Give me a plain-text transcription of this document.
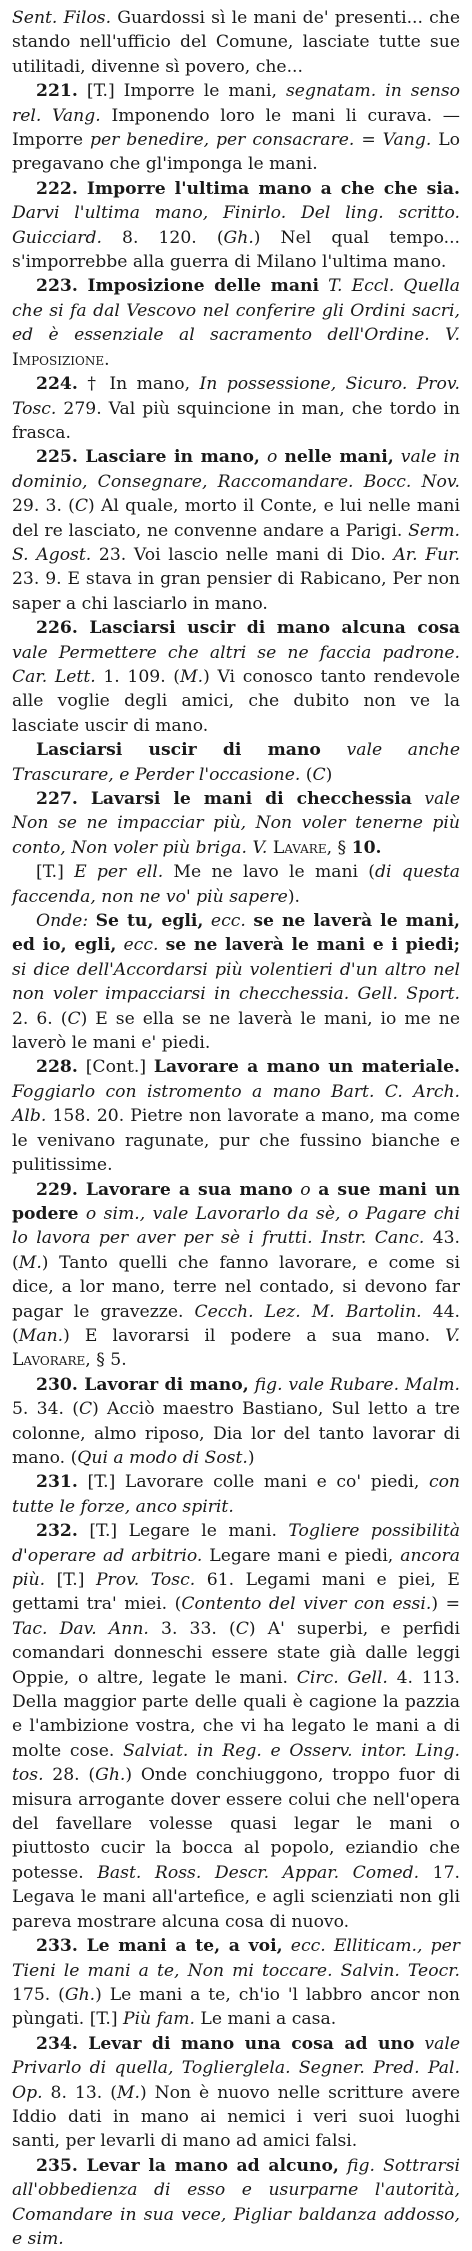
Sent. Filos. Guardossi sì le mani de' presenti... che stando nell'ufficio del Comune, lasciate tutte sue utilitadi, divenne sì povero, che...

221. [T.] Imporre le mani, segnatam. in senso rel. Vang. Imponendo loro le mani li curava. — Imporre per benedire, per consacrare. = Vang. Lo pregavano che gl'imponga le mani.

222. Imporre l'ultima mano a che che sia. Darvi l'ultima mano, Finirlo. Del ling. scritto. Guicciard. 8. 120. (Gh.) Nel qual tempo... s'imporrebbe alla guerra di Milano l'ultima mano.

223. Imposizione delle mani T. Eccl. Quella che si fa dal Vescovo nel conferire gli Ordini sacri, ed è essenziale al sacramento dell'Ordine. V. Imposizione.

224. † In mano, In possessione, Sicuro. Prov. Tosc. 279. Val più squincione in man, che tordo in frasca.

225. Lasciare in mano, o nelle mani, vale in dominio, Consegnare, Raccomandare. Bocc. Nov. 29. 3. (C) Al quale, morto il Conte, e lui nelle mani del re lasciato, ne convenne andare a Parigi. Serm. S. Agost. 23. Voi lascio nelle mani di Dio. Ar. Fur. 23. 9. E stava in gran pensier di Rabicano, Per non saper a chi lasciarlo in mano.

226. Lasciarsi uscir di mano alcuna cosa vale Permettere che altri se ne faccia padrone. Car. Lett. 1. 109. (M.) Vi conosco tanto rendevole alle voglie degli amici, che dubito non ve la lasciate uscir di mano.

Lasciarsi uscir di mano vale anche Trascurare, e Perder l'occasione. (C)

227. Lavarsi le mani di checchessia vale Non se ne impacciar più, Non voler tenerne più conto, Non voler più briga. V. Lavare, § 10.

[T.] E per ell. Me ne lavo le mani (di questa faccenda, non ne vo' più sapere).

Onde: Se tu, egli, ecc. se ne laverà le mani, ed io, egli, ecc. se ne laverà le mani e i piedi; si dice dell'Accordarsi più volentieri d'un altro nel non voler impacciarsi in checchessia. Gell. Sport. 2. 6. (C) E se ella se ne laverà le mani, io me ne laverò le mani e' piedi.

228. [Cont.] Lavorare a mano un materiale. Foggiarlo con istromento a mano Bart. C. Arch. Alb. 158. 20. Pietre non lavorate a mano, ma come le venivano ragunate, pur che fussino bianche e pulitissime.

229. Lavorare a sua mano o a sue mani un podere o sim., vale Lavorarlo da sè, o Pagare chi lo lavora per aver per sè i frutti. Instr. Canc. 43. (M.) Tanto quelli che fanno lavorare, e come si dice, a lor mano, terre nel contado, si devono far pagar le gravezze. Cecch. Lez. M. Bartolin. 44. (Man.) E lavorarsi il podere a sua mano. V. Lavorare, § 5.

230. Lavorar di mano, fig. vale Rubare. Malm. 5. 34. (C) Acciò maestro Bastiano, Sul letto a tre colonne, almo riposo, Dia lor del tanto lavorar di mano. (Qui a modo di Sost.)

231. [T.] Lavorare colle mani e co' piedi, con tutte le forze, anco spirit.

232. [T.] Legare le mani. Togliere possibilità d'operare ad arbitrio. Legare mani e piedi, ancora più. [T.] Prov. Tosc. 61. Legami mani e piei, E gettami tra' miei. (Contento del viver con essi.) = Tac. Dav. Ann. 3. 33. (C) A' superbi, e perfidi comandari donneschi essere state già dalle leggi Oppie, o altre, legate le mani. Circ. Gell. 4. 113. Della maggior parte delle quali è cagione la pazzia e l'ambizione vostra, che vi ha legato le mani a di molte cose. Salviat. in Reg. e Osserv. intor. Ling. tos. 28. (Gh.) Onde conchiuggono, troppo fuor di misura arrogante dover essere colui che nell'opera del favellare volesse quasi legar le mani o piuttosto cucir la bocca al popolo, eziandio che potesse. Bast. Ross. Descr. Appar. Comed. 17. Legava le mani all'artefice, e agli scienziati non gli pareva mostrare alcuna cosa di nuovo.

233. Le mani a te, a voi, ecc. Elliticam., per Tieni le mani a te, Non mi toccare. Salvin. Teocr. 175. (Gh.) Le mani a te, ch'io 'l labbro ancor non pùngati. [T.] Più fam. Le mani a casa.

234. Levar di mano una cosa ad uno vale Privarlo di quella, Toglierglela. Segner. Pred. Pal. Op. 8. 13. (M.) Non è nuovo nelle scritture avere Iddio dati in mano ai nemici i veri suoi luoghi santi, per levarli di mano ad amici falsi.

235. Levar la mano ad alcuno, fig. Sottrarsi all'obbedienza di esso e usurparne l'autorità, Comandare in sua vece, Pigliar baldanza addosso, e sim.
